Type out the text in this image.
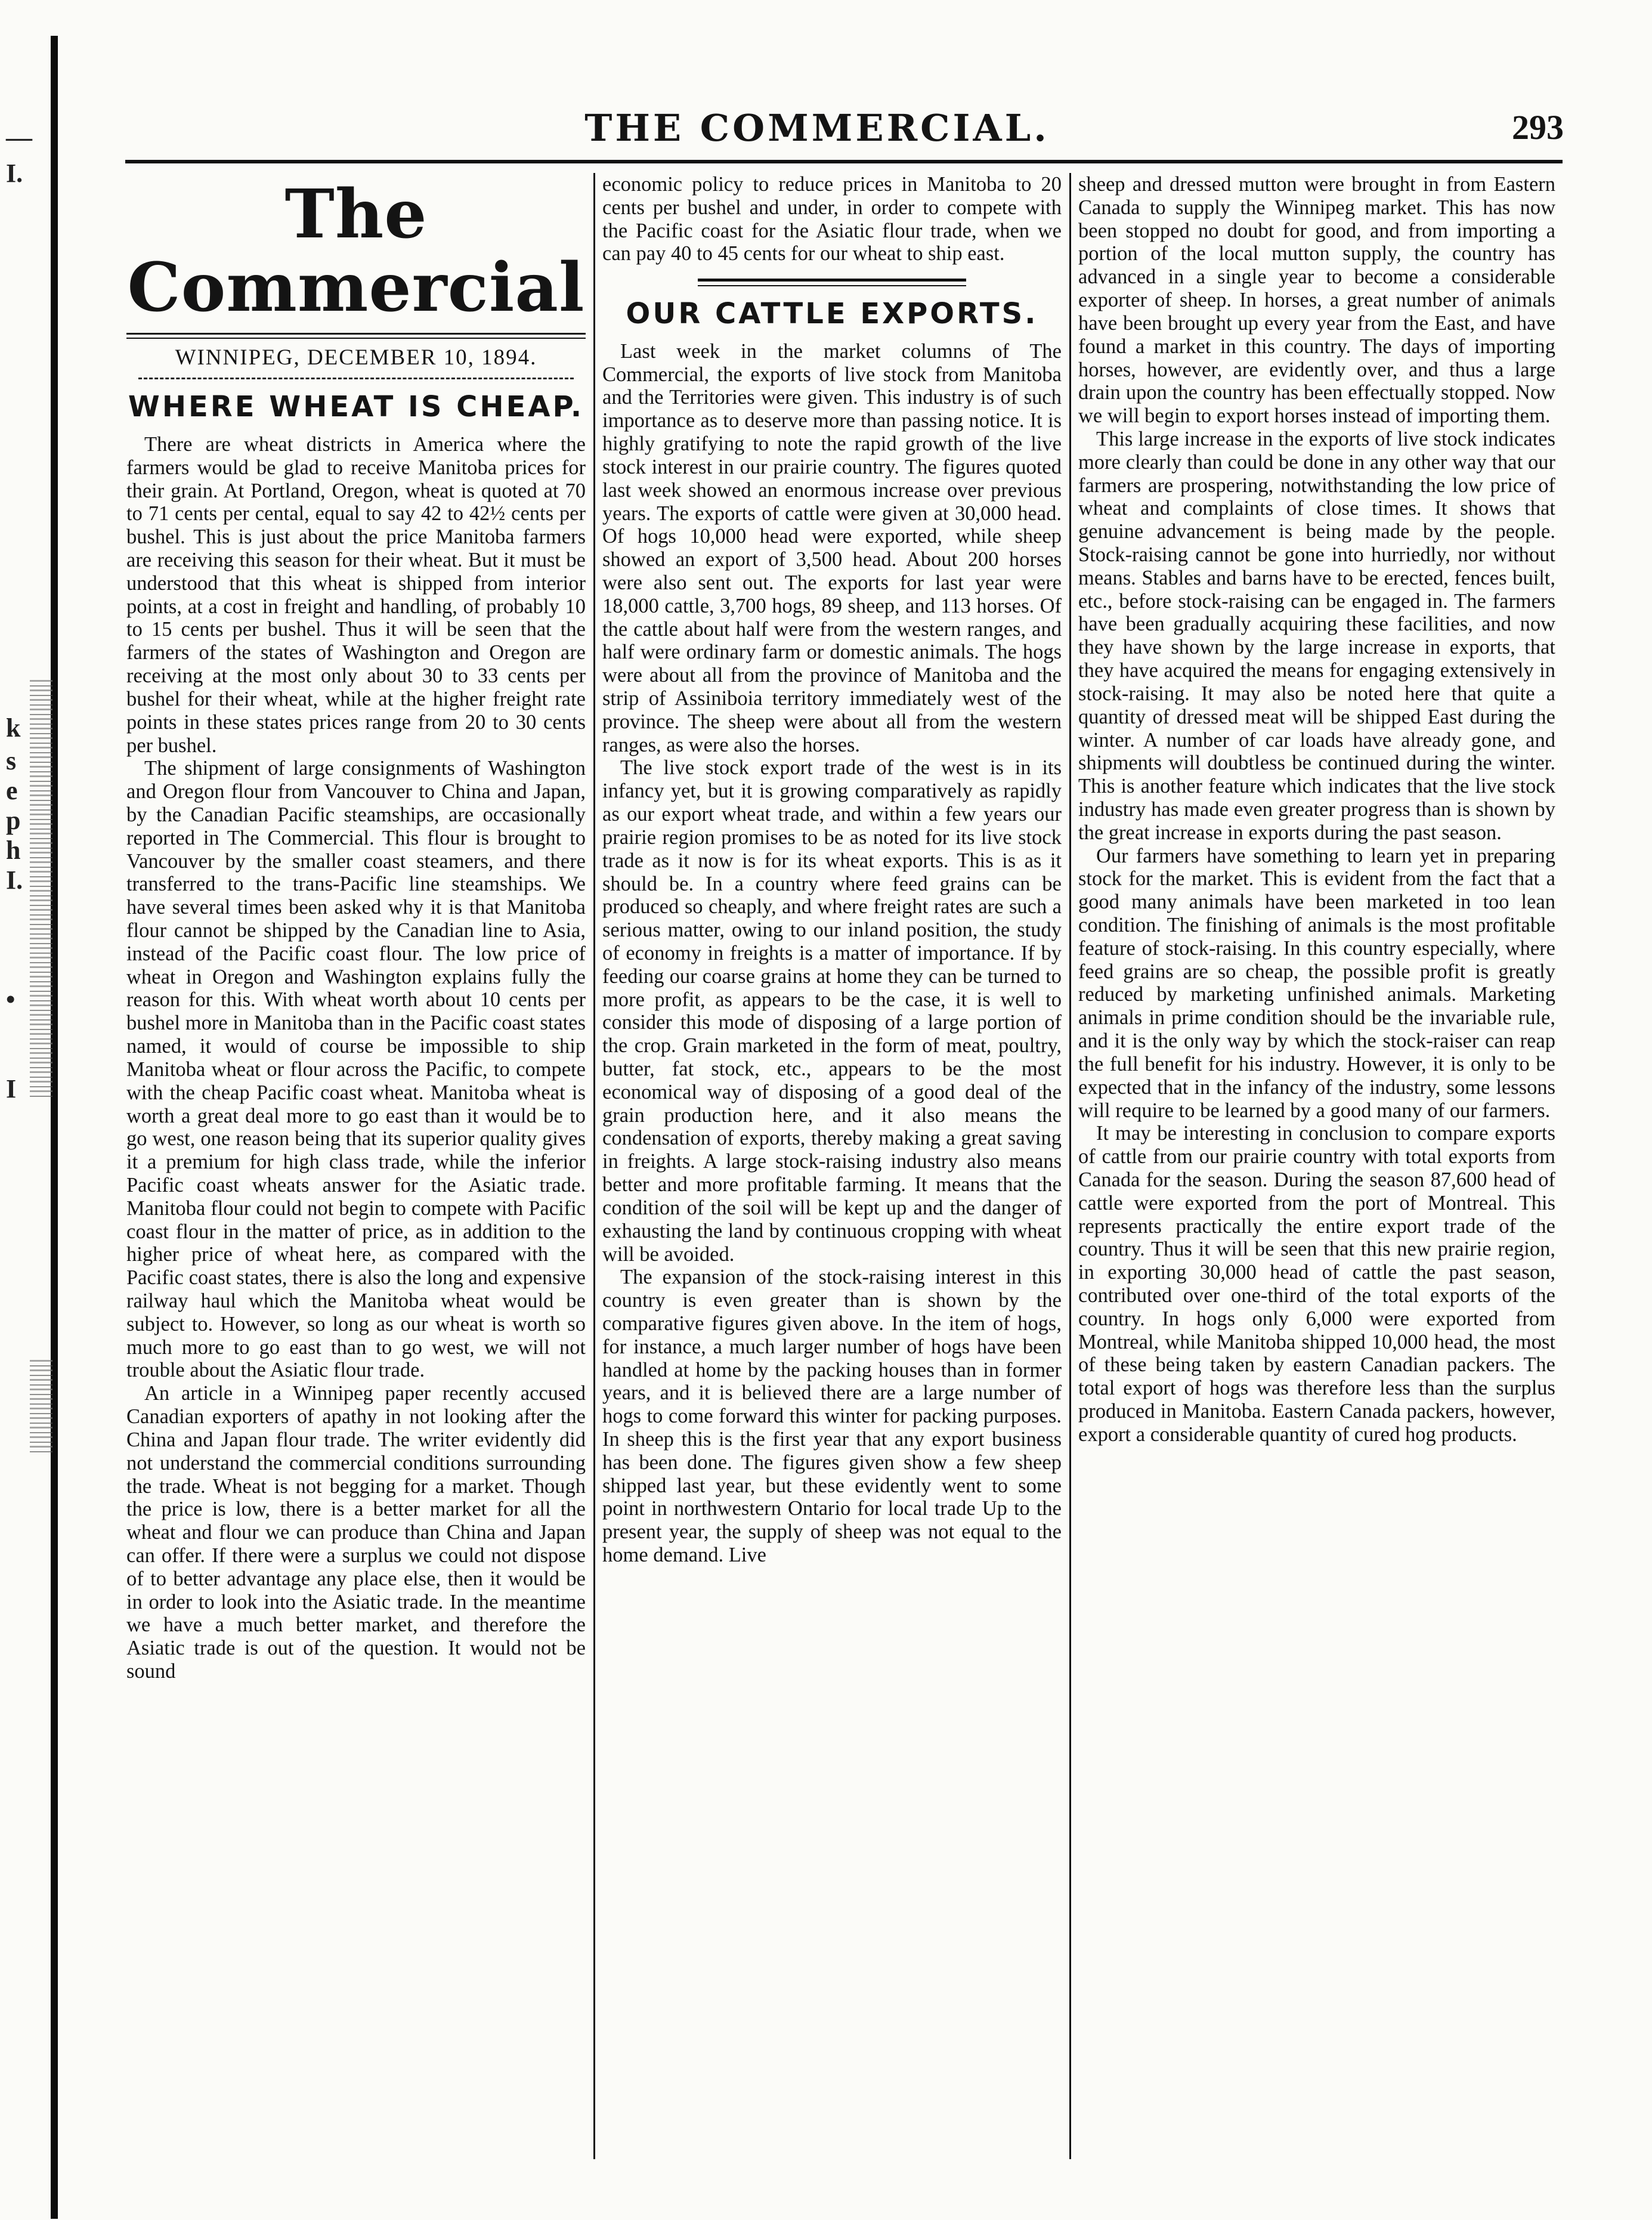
—
I.
k
s
e
p
h
I.
•
I
THE COMMERCIAL.	293
The Commercial
WINNIPEG, DECEMBER 10, 1894.
WHERE WHEAT IS CHEAP.

There are wheat districts in America where the farmers would be glad to receive Manitoba prices for their grain. At Portland, Oregon, wheat is quoted at 70 to 71 cents per cental, equal to say 42 to 42½ cents per bushel. This is just about the price Manitoba farmers are receiving this season for their wheat. But it must be understood that this wheat is shipped from interior points, at a cost in freight and handling, of probably 10 to 15 cents per bushel. Thus it will be seen that the farmers of the states of Washington and Oregon are receiving at the most only about 30 to 33 cents per bushel for their wheat, while at the higher freight rate points in these states prices range from 20 to 30 cents per bushel.

The shipment of large consignments of Washington and Oregon flour from Vancouver to China and Japan, by the Canadian Pacific steamships, are occasionally reported in The Commercial. This flour is brought to Vancouver by the smaller coast steamers, and there transferred to the trans-Pacific line steamships. We have several times been asked why it is that Manitoba flour cannot be shipped by the Canadian line to Asia, instead of the Pacific coast flour. The low price of wheat in Oregon and Washington explains fully the reason for this. With wheat worth about 10 cents per bushel more in Manitoba than in the Pacific coast states named, it would of course be impossible to ship Manitoba wheat or flour across the Pacific, to compete with the cheap Pacific coast wheat. Manitoba wheat is worth a great deal more to go east than it would be to go west, one reason being that its superior quality gives it a premium for high class trade, while the inferior Pacific coast wheats answer for the Asiatic trade. Manitoba flour could not begin to compete with Pacific coast flour in the matter of price, as in addition to the higher price of wheat here, as compared with the Pacific coast states, there is also the long and expensive railway haul which the Manitoba wheat would be subject to. However, so long as our wheat is worth so much more to go east than to go west, we will not trouble about the Asiatic flour trade.

An article in a Winnipeg paper recently accused Canadian exporters of apathy in not looking after the China and Japan flour trade. The writer evidently did not understand the commercial conditions surrounding the trade. Wheat is not begging for a market. Though the price is low, there is a better market for all the wheat and flour we can produce than China and Japan can offer. If there were a surplus we could not dispose of to better advantage any place else, then it would be in order to look into the Asiatic trade. In the meantime we have a much better market, and therefore the Asiatic trade is out of the question. It would not be sound

economic policy to reduce prices in Manitoba to 20 cents per bushel and under, in order to compete with the Pacific coast for the Asiatic flour trade, when we can pay 40 to 45 cents for our wheat to ship east.

OUR CATTLE EXPORTS.

Last week in the market columns of The Commercial, the exports of live stock from Manitoba and the Territories were given. This industry is of such importance as to deserve more than passing notice. It is highly gratifying to note the rapid growth of the live stock interest in our prairie country. The figures quoted last week showed an enormous increase over previous years. The exports of cattle were given at 30,000 head. Of hogs 10,000 head were exported, while sheep showed an export of 3,500 head. About 200 horses were also sent out. The exports for last year were 18,000 cattle, 3,700 hogs, 89 sheep, and 113 horses. Of the cattle about half were from the western ranges, and half were ordinary farm or domestic animals. The hogs were about all from the province of Manitoba and the strip of Assiniboia territory immediately west of the province. The sheep were about all from the western ranges, as were also the horses.

The live stock export trade of the west is in its infancy yet, but it is growing comparatively as rapidly as our export wheat trade, and within a few years our prairie region promises to be as noted for its live stock trade as it now is for its wheat exports. This is as it should be. In a country where feed grains can be produced so cheaply, and where freight rates are such a serious matter, owing to our inland position, the study of economy in freights is a matter of importance. If by feeding our coarse grains at home they can be turned to more profit, as appears to be the case, it is well to consider this mode of disposing of a large portion of the crop. Grain marketed in the form of meat, poultry, butter, fat stock, etc., appears to be the most economical way of disposing of a good deal of the grain production here, and it also means the condensation of exports, thereby making a great saving in freights. A large stock-raising industry also means better and more profitable farming. It means that the condition of the soil will be kept up and the danger of exhausting the land by continuous cropping with wheat will be avoided.

The expansion of the stock-raising interest in this country is even greater than is shown by the comparative figures given above. In the item of hogs, for instance, a much larger number of hogs have been handled at home by the packing houses than in former years, and it is believed there are a large number of hogs to come forward this winter for packing purposes. In sheep this is the first year that any export business has been done. The figures given show a few sheep shipped last year, but these evidently went to some point in northwestern Ontario for local trade Up to the present year, the supply of sheep was not equal to the home demand. Live

sheep and dressed mutton were brought in from Eastern Canada to supply the Winnipeg market. This has now been stopped no doubt for good, and from importing a portion of the local mutton supply, the country has advanced in a single year to become a considerable exporter of sheep. In horses, a great number of animals have been brought up every year from the East, and have found a market in this country. The days of importing horses, however, are evidently over, and thus a large drain upon the country has been effectually stopped. Now we will begin to export horses instead of importing them.

This large increase in the exports of live stock indicates more clearly than could be done in any other way that our farmers are prospering, notwithstanding the low price of wheat and complaints of close times. It shows that genuine advancement is being made by the people. Stock-raising cannot be gone into hurriedly, nor without means. Stables and barns have to be erected, fences built, etc., before stock-raising can be engaged in. The farmers have been gradually acquiring these facilities, and now they have shown by the large increase in exports, that they have acquired the means for engaging extensively in stock-raising. It may also be noted here that quite a quantity of dressed meat will be shipped East during the winter. A number of car loads have already gone, and shipments will doubtless be continued during the winter. This is another feature which indicates that the live stock industry has made even greater progress than is shown by the great increase in exports during the past season.

Our farmers have something to learn yet in preparing stock for the market. This is evident from the fact that a good many animals have been marketed in too lean condition. The finishing of animals is the most profitable feature of stock-raising. In this country especially, where feed grains are so cheap, the possible profit is greatly reduced by marketing unfinished animals. Marketing animals in prime condition should be the invariable rule, and it is the only way by which the stock-raiser can reap the full benefit for his industry. However, it is only to be expected that in the infancy of the industry, some lessons will require to be learned by a good many of our farmers.

It may be interesting in conclusion to compare exports of cattle from our prairie country with total exports from Canada for the season. During the season 87,600 head of cattle were exported from the port of Montreal. This represents practically the entire export trade of the country. Thus it will be seen that this new prairie region, in exporting 30,000 head of cattle the past season, contributed over one-third of the total exports of the country. In hogs only 6,000 were exported from Montreal, while Manitoba shipped 10,000 head, the most of these being taken by eastern Canadian packers. The total export of hogs was therefore less than the surplus produced in Manitoba. Eastern Canada packers, however, export a considerable quantity of cured hog products.
